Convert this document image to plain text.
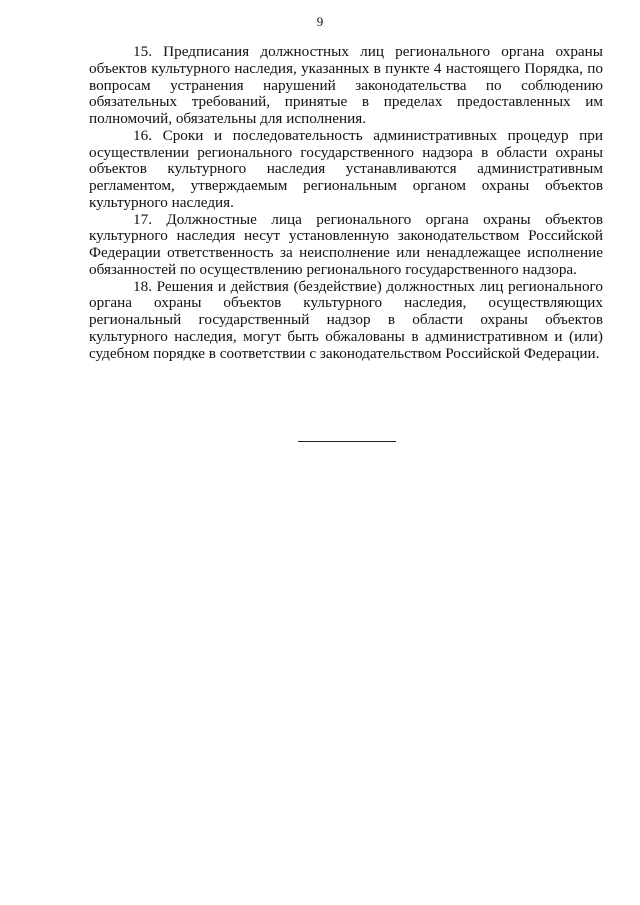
9

15. Предписания должностных лиц регионального органа охраны объектов культурного наследия, указанных в пункте 4 настоящего Порядка, по вопросам устранения нарушений законодательства по соблюдению обязательных требований, принятые в пределах предоставленных им полномочий, обязательны для исполнения.

16. Сроки и последовательность административных процедур при осуществлении регионального государственного надзора в области охраны объектов культурного наследия устанавливаются административным регламентом, утверждаемым региональным органом охраны объектов культурного наследия.

17. Должностные лица регионального органа охраны объектов культурного наследия несут установленную законодательством Российской Федерации ответственность за неисполнение или ненадлежащее исполнение обязанностей по осуществлению регионального государственного надзора.

18. Решения и действия (бездействие) должностных лиц регионального органа охраны объектов культурного наследия, осуществляющих региональный государственный надзор в области охраны объектов культурного наследия, могут быть обжалованы в административном и (или) судебном порядке в соответствии с законодательством Российской Федерации.
